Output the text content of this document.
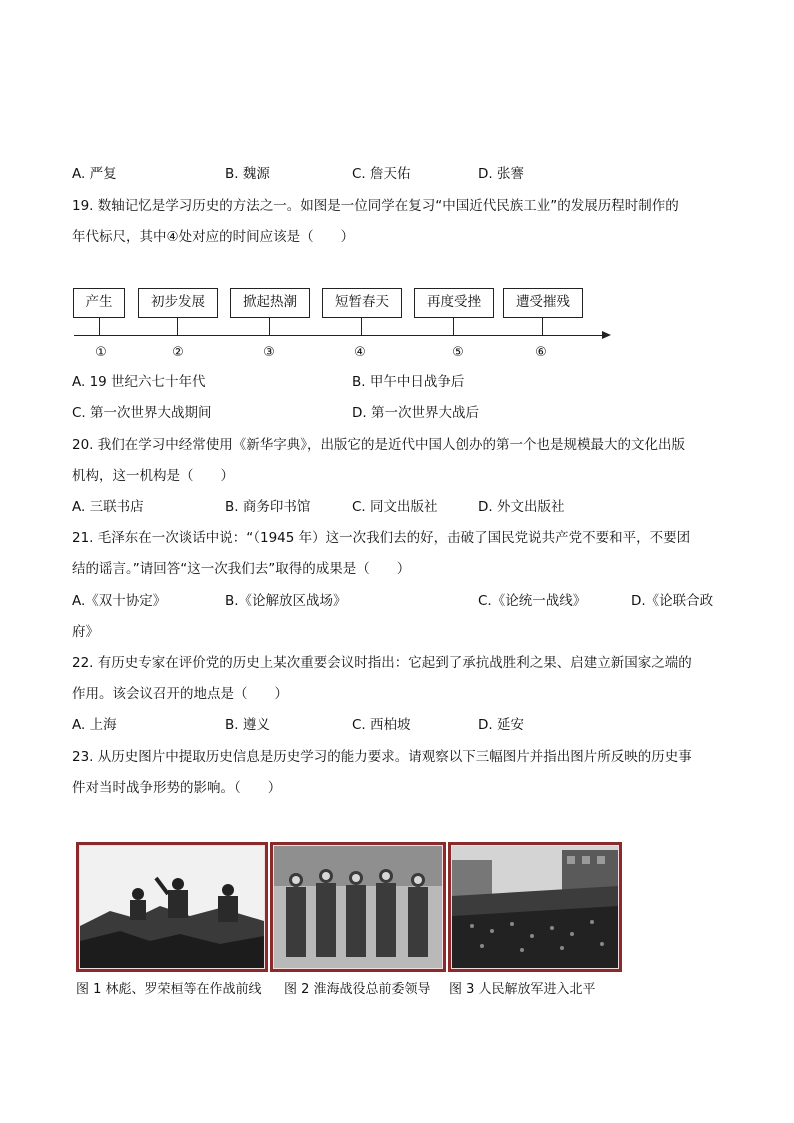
A. 严复	B. 魏源	C. 詹天佑	D. 张謇
19. 数轴记忆是学习历史的方法之一。如图是一位同学在复习“中国近代民族工业”的发展历程时制作的
年代标尺，其中④处对应的时间应该是（　　）
产生	初步发展	掀起热潮	短暂春天	再度受挫	遭受摧残
①	②	③	④	⑤	⑥
A. 19 世纪六七十年代	B. 甲午中日战争后
C. 第一次世界大战期间	D. 第一次世界大战后
20. 我们在学习中经常使用《新华字典》，出版它的是近代中国人创办的第一个也是规模最大的文化出版
机构，这一机构是（　　）
A. 三联书店	B. 商务印书馆	C. 同文出版社	D. 外文出版社
21. 毛泽东在一次谈话中说：“（1945 年）这一次我们去的好，击破了国民党说共产党不要和平，不要团
结的谣言。”请回答“这一次我们去”取得的成果是（　　）
A.《双十协定》	B.《论解放区战场》	C.《论统一战线》	D.《论联合政
府》
22. 有历史专家在评价党的历史上某次重要会议时指出：它起到了承抗战胜利之果、启建立新国家之端的
作用。该会议召开的地点是（　　）
A. 上海	B. 遵义	C. 西柏坡	D. 延安
23. 从历史图片中提取历史信息是历史学习的能力要求。请观察以下三幅图片并指出图片所反映的历史事
件对当时战争形势的影响。（　　）
图 1 林彪、罗荣桓等在作战前线 图 2 淮海战役总前委领导 图 3 人民解放军进入北平
